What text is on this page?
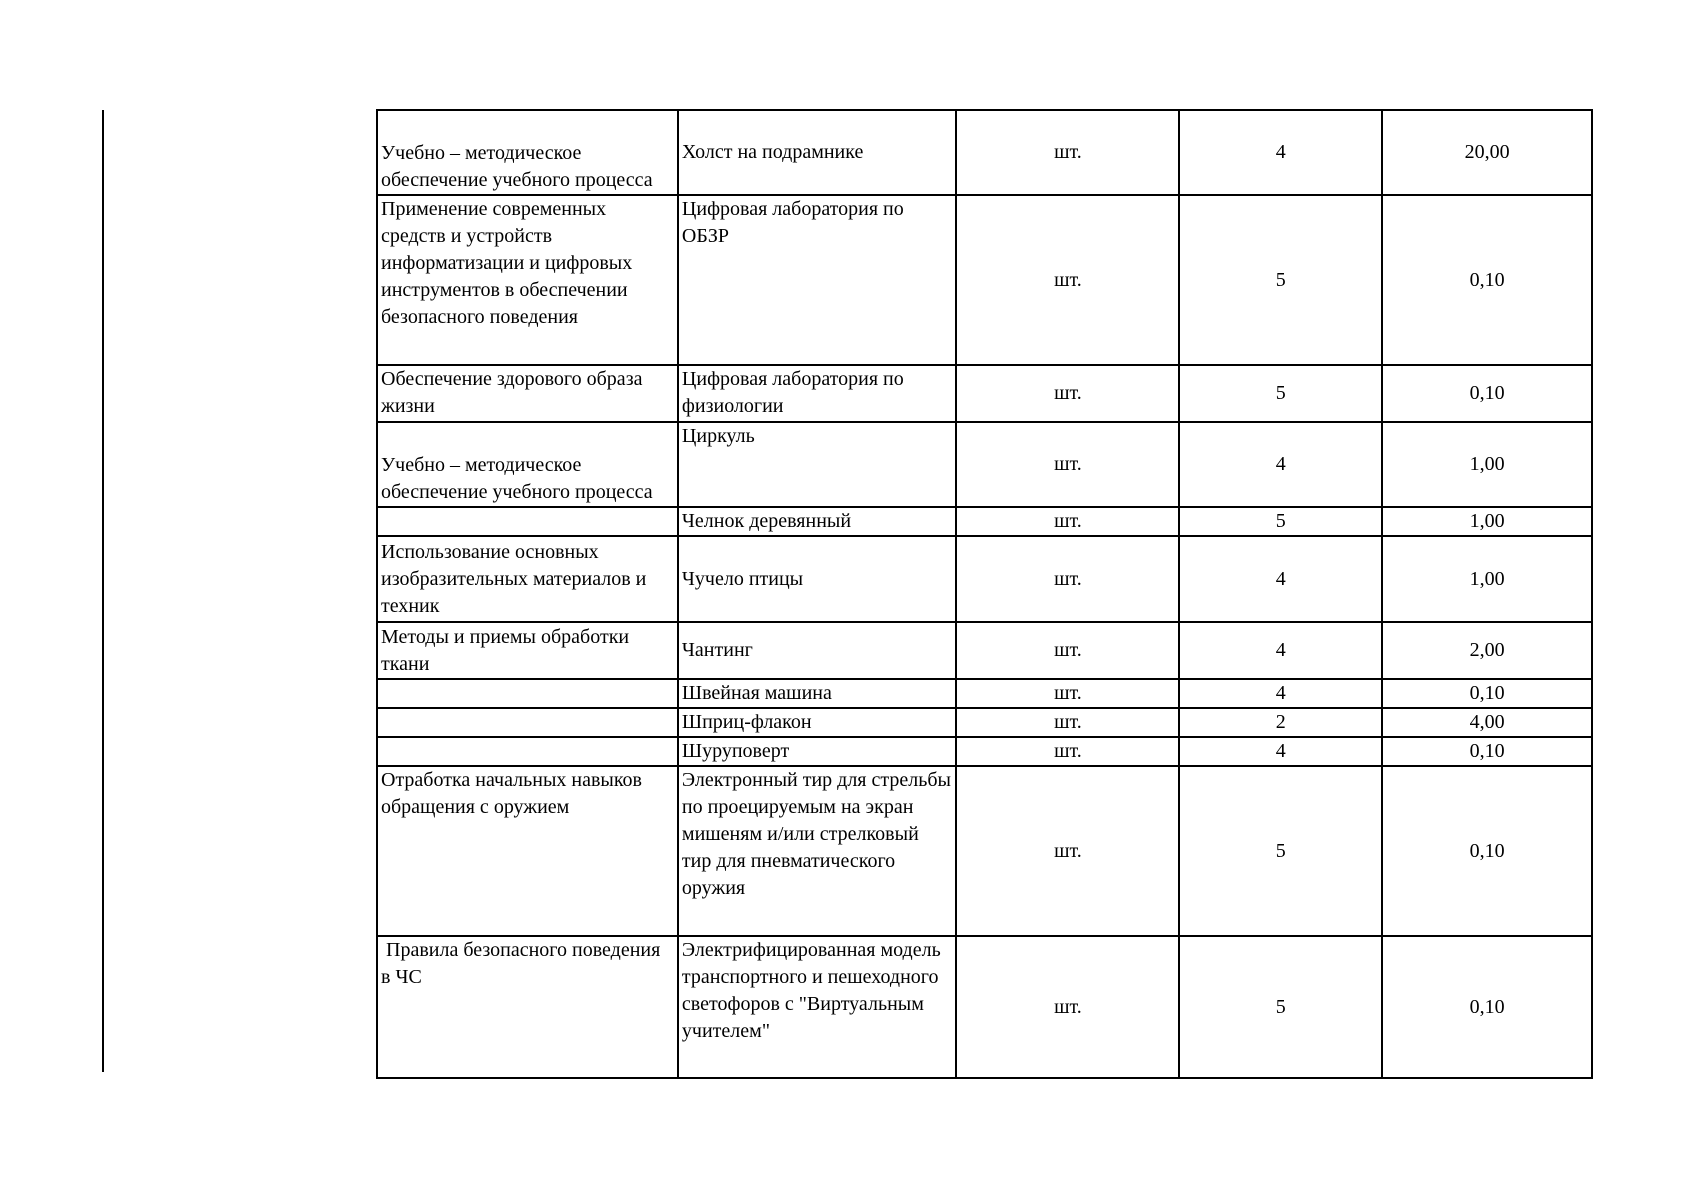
Учебно – методическое обеспечение учебного процесса	Холст на подрамнике	шт.	4	20,00
Применение современных средств и устройств информатизации и цифровых инструментов в обеспечении безопасного поведения	Цифровая лаборатория по ОБЗР	шт.	5	0,10
Обеспечение здорового образа жизни	Цифровая лаборатория по физиологии	шт.	5	0,10
Учебно – методическое обеспечение учебного процесса	Циркуль	шт.	4	1,00
	Челнок деревянный	шт.	5	1,00
Использование основных изобразительных материалов и техник	Чучело птицы	шт.	4	1,00
Методы и приемы обработки ткани	Чантинг	шт.	4	2,00
	Швейная машина	шт.	4	0,10
	Шприц-флакон	шт.	2	4,00
	Шуруповерт	шт.	4	0,10
Отработка начальных навыков обращения с оружием	Электронный тир для стрельбы по проецируемым на экран мишеням и/или стрелковый тир для пневматического оружия	шт.	5	0,10
Правила безопасного поведения в ЧС	Электрифицированная модель транспортного и пешеходного светофоров с "Виртуальным учителем"	шт.	5	0,10
